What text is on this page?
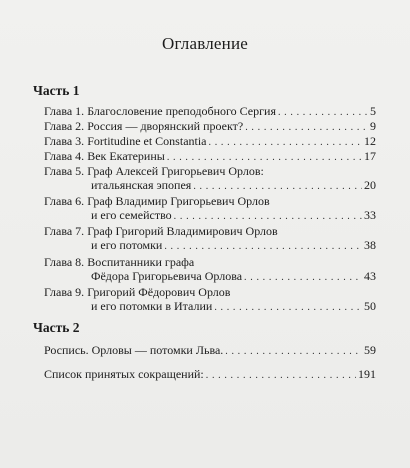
Оглавление
Часть 1
Глава 1. Благословение преподобного Сергия . . .	5
Глава 2. Россия — дворянский проект? . . .	9
Глава 3. Fortitudine et Constantia . . .	12
Глава 4. Век Екатерины . . .	17
Глава 5. Граф Алексей Григорьевич Орлов:
итальянская эпопея . . .	20
Глава 6. Граф Владимир Григорьевич Орлов
и его семейство . . .	33
Глава 7. Граф Григорий Владимирович Орлов
и его потомки . . .	38
Глава 8. Воспитанники графа
Фёдора Григорьевича Орлова . . .	43
Глава 9. Григорий Фёдорович Орлов
и его потомки в Италии . . .	50
Часть 2
Роспись. Орловы — потомки Льва. . . .	59
Список принятых сокращений: . . .	191
